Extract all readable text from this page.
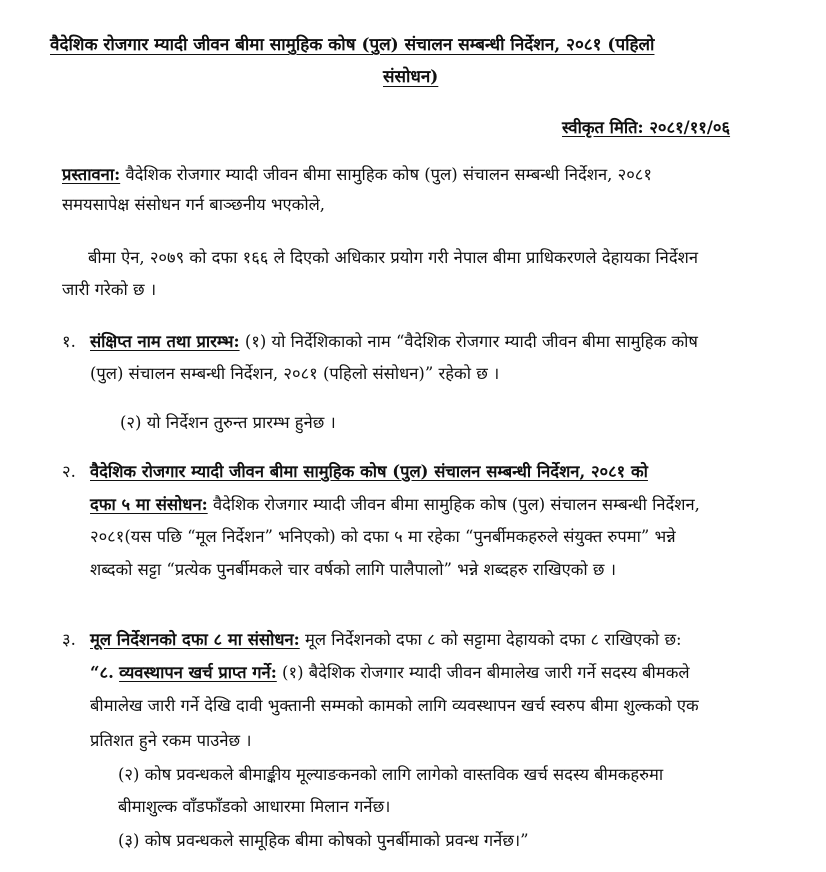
वैदेशिक रोजगार म्यादी जीवन बीमा सामुहिक कोष (पुल) संचालन सम्बन्धी निर्देशन, २०८१ (पहिलो
संसोधन)
स्वीकृत मिति: २०८१/११/०६
प्रस्तावना: वैदेशिक रोजगार म्यादी जीवन बीमा सामुहिक कोष (पुल) संचालन सम्बन्धी निर्देशन, २०८१
समयसापेक्ष संसोधन गर्न बाञ्छनीय भएकोले,
बीमा ऐन, २०७९ को दफा १६६ ले दिएको अधिकार प्रयोग गरी नेपाल बीमा प्राधिकरणले देहायका निर्देशन
जारी गरेको छ ।
१. संक्षिप्त नाम तथा प्रारम्भ: (१) यो निर्देशिकाको नाम “वैदेशिक रोजगार म्यादी जीवन बीमा सामुहिक कोष
(पुल) संचालन सम्बन्धी निर्देशन, २०८१ (पहिलो संसोधन)” रहेको छ ।
(२) यो निर्देशन तुरुन्त प्रारम्भ हुनेछ ।
२. वैदेशिक रोजगार म्यादी जीवन बीमा सामुहिक कोष (पुल) संचालन सम्बन्धी निर्देशन, २०८१ को
दफा ५ मा संसोधन: वैदेशिक रोजगार म्यादी जीवन बीमा सामुहिक कोष (पुल) संचालन सम्बन्धी निर्देशन,
२०८१(यस पछि “मूल निर्देशन” भनिएको) को दफा ५ मा रहेका “पुनर्बीमकहरुले संयुक्त रुपमा” भन्ने
शब्दको सट्टा “प्रत्येक पुनर्बीमकले चार वर्षको लागि पालैपालो” भन्ने शब्दहरु राखिएको छ ।
३. मूल निर्देशनको दफा ८ मा संसोधन: मूल निर्देशनको दफा ८ को सट्टामा देहायको दफा ८ राखिएको छ:
“८. व्यवस्थापन खर्च प्राप्त गर्ने: (१) बैदेशिक रोजगार म्यादी जीवन बीमालेख जारी गर्ने सदस्य बीमकले
बीमालेख जारी गर्ने देखि दावी भुक्तानी सम्मको कामको लागि व्यवस्थापन खर्च स्वरुप बीमा शुल्कको एक
प्रतिशत हुने रकम पाउनेछ ।
(२) कोष प्रवन्धकले बीमाङ्कीय मूल्याङकनको लागि लागेको वास्तविक खर्च सदस्य बीमकहरुमा
बीमाशुल्क वाँडफाँडको आधारमा मिलान गर्नेछ।
(३) कोष प्रवन्धकले सामूहिक बीमा कोषको पुनर्बीमाको प्रवन्ध गर्नेछ।”
